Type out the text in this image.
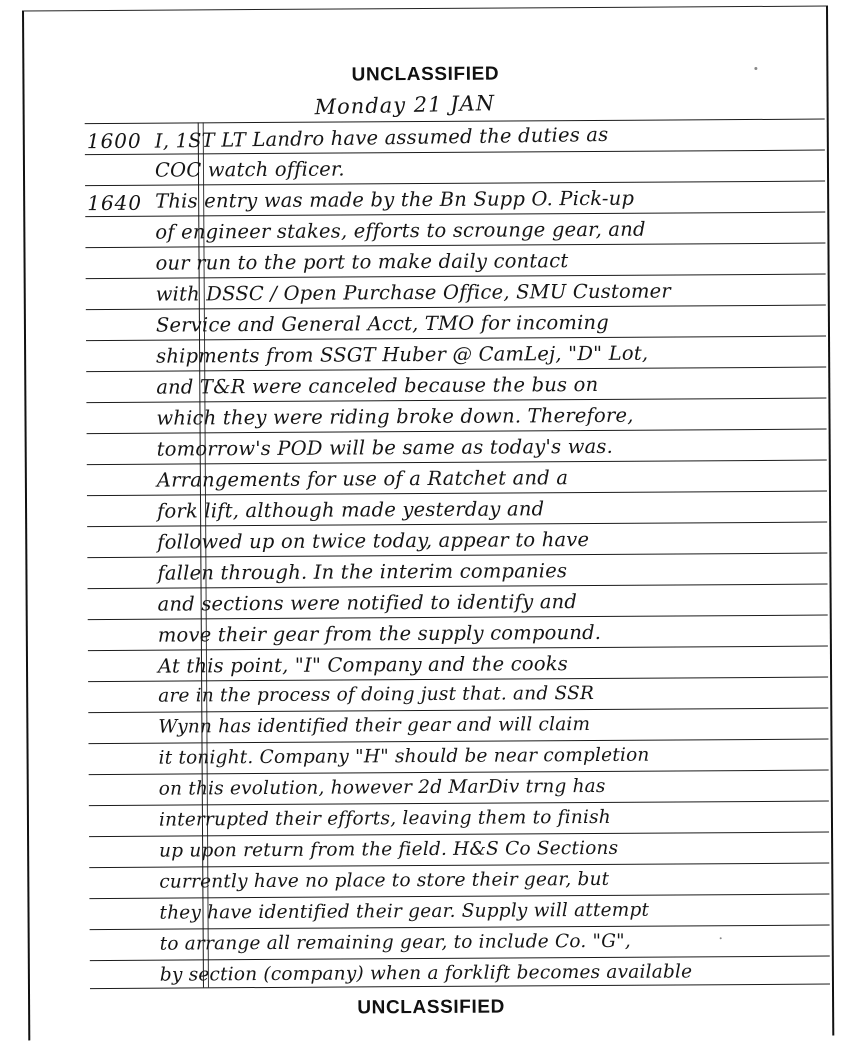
UNCLASSIFIED
Monday 21 JAN
1600
1640
I, 1ST LT Landro have assumed the duties as
COC watch officer.
This entry was made by the Bn Supp O. Pick-up
of engineer stakes, efforts to scrounge gear, and
our run to the port to make daily contact
with DSSC / Open Purchase Office, SMU Customer
Service and General Acct, TMO for incoming
shipments from SSGT Huber @ CamLej, "D" Lot,
and T&R were canceled because the bus on
which they were riding broke down. Therefore,
tomorrow's POD will be same as today's was.
Arrangements for use of a Ratchet and a
fork lift, although made yesterday and
followed up on twice today, appear to have
fallen through. In the interim companies
and sections were notified to identify and
move their gear from the supply compound.
At this point, "I" Company and the cooks
are in the process of doing just that. and SSR
Wynn has identified their gear and will claim
it tonight. Company "H" should be near completion
on this evolution, however 2d MarDiv trng has
interrupted their efforts, leaving them to finish
up upon return from the field. H&S Co Sections
currently have no place to store their gear, but
they have identified their gear. Supply will attempt
to arrange all remaining gear, to include Co. "G",
by section (company) when a forklift becomes available
UNCLASSIFIED
